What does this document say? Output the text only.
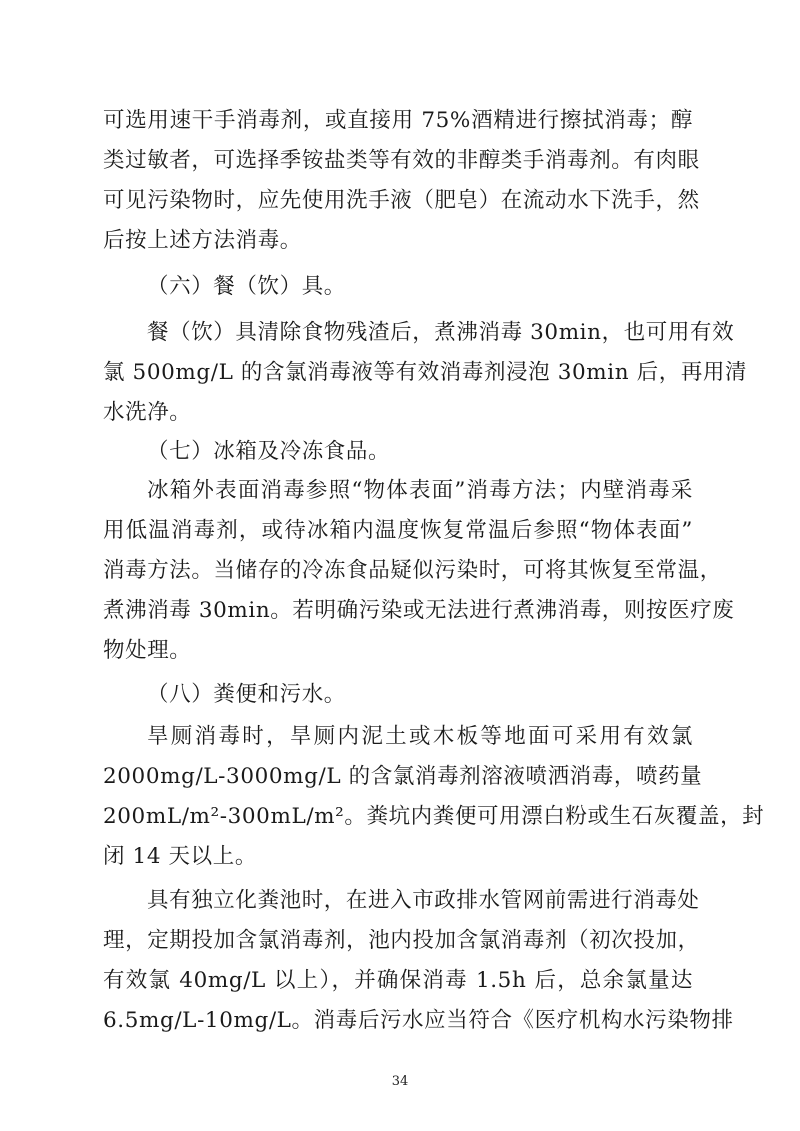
可选用速干手消毒剂，或直接用 75%酒精进行擦拭消毒；醇
类过敏者，可选择季铵盐类等有效的非醇类手消毒剂。有肉眼
可见污染物时，应先使用洗手液（肥皂）在流动水下洗手，然
后按上述方法消毒。
（六）餐（饮）具。
餐（饮）具清除食物残渣后，煮沸消毒 30min，也可用有效
氯 500mg/L 的含氯消毒液等有效消毒剂浸泡 30min 后，再用清
水洗净。
（七）冰箱及冷冻食品。
冰箱外表面消毒参照“物体表面”消毒方法；内壁消毒采
用低温消毒剂，或待冰箱内温度恢复常温后参照“物体表面”
消毒方法。当储存的冷冻食品疑似污染时，可将其恢复至常温，
煮沸消毒 30min。若明确污染或无法进行煮沸消毒，则按医疗废
物处理。
（八）粪便和污水。
旱厕消毒时，旱厕内泥土或木板等地面可采用有效氯
2000mg/L-3000mg/L 的含氯消毒剂溶液喷洒消毒，喷药量
200mL/m²-300mL/m²。粪坑内粪便可用漂白粉或生石灰覆盖，封
闭 14 天以上。
具有独立化粪池时，在进入市政排水管网前需进行消毒处
理，定期投加含氯消毒剂，池内投加含氯消毒剂（初次投加，
有效氯 40mg/L 以上），并确保消毒 1.5h 后，总余氯量达
6.5mg/L-10mg/L。消毒后污水应当符合《医疗机构水污染物排
34
